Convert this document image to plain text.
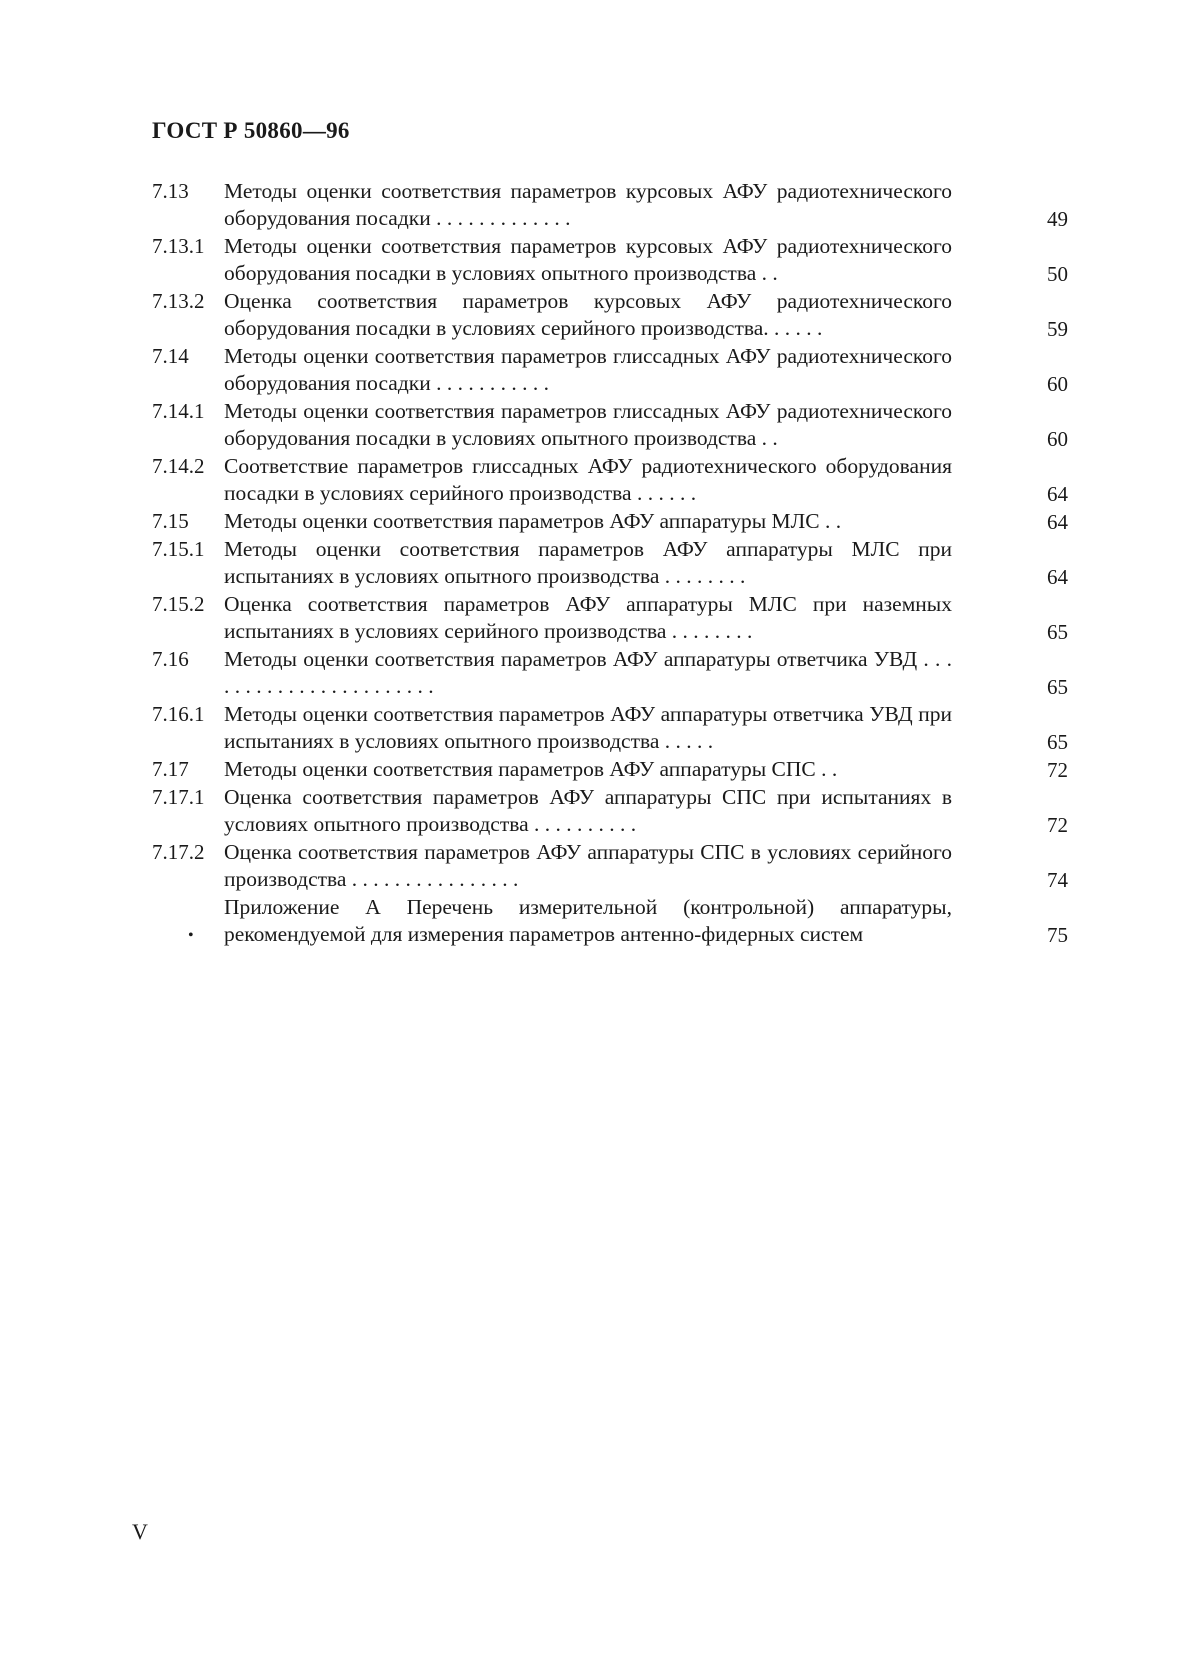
ГОСТ Р 50860—96
7.13	Методы оценки соответствия параметров курсовых АФУ радиотехнического оборудования посадки . . . . . . . . . . . . .	49
7.13.1 Методы оценки соответствия параметров курсовых АФУ радиотехнического оборудования посадки в условиях опытного производства . .	50
7.13.2 Оценка соответствия параметров курсовых АФУ радиотехнического оборудования посадки в условиях серийного производства. . . . . .	59
7.14	Методы оценки соответствия параметров глиссадных АФУ радиотехнического оборудования посадки . . . . . . . . . . .	60
7.14.1 Методы оценки соответствия параметров глиссадных АФУ радиотехнического оборудования посадки в условиях опытного производства . .	60
7.14.2 Соответствие параметров глиссадных АФУ радиотехнического оборудования посадки в условиях серийного производства . . . . . .	64
7.15	Методы оценки соответствия параметров АФУ аппаратуры МЛС . .	64
7.15.1 Методы оценки соответствия параметров АФУ аппаратуры МЛС при испытаниях в условиях опытного производства . . . . . . . .	64
7.15.2 Оценка соответствия параметров АФУ аппаратуры МЛС при наземных испытаниях в условиях серийного производства . . . . . . . .	65
7.16	Методы оценки соответствия параметров АФУ аппаратуры ответчика УВД . . . . . . . . . . . . . . . . . . . . . . .	65
7.16.1 Методы оценки соответствия параметров АФУ аппаратуры ответчика УВД при испытаниях в условиях опытного производства . . . . .	65
7.17	Методы оценки соответствия параметров АФУ аппаратуры СПС . .	72
7.17.1 Оценка соответствия параметров АФУ аппаратуры СПС при испытаниях в условиях опытного производства . . . . . . . . . .	72
7.17.2 Оценка соответствия параметров АФУ аппаратуры СПС в условиях серийного производства . . . . . . . . . . . . . . . .	74
•
Приложение А Перечень измерительной (контрольной) аппаратуры, рекомендуемой для измерения параметров антенно-фидерных систем	75
V
